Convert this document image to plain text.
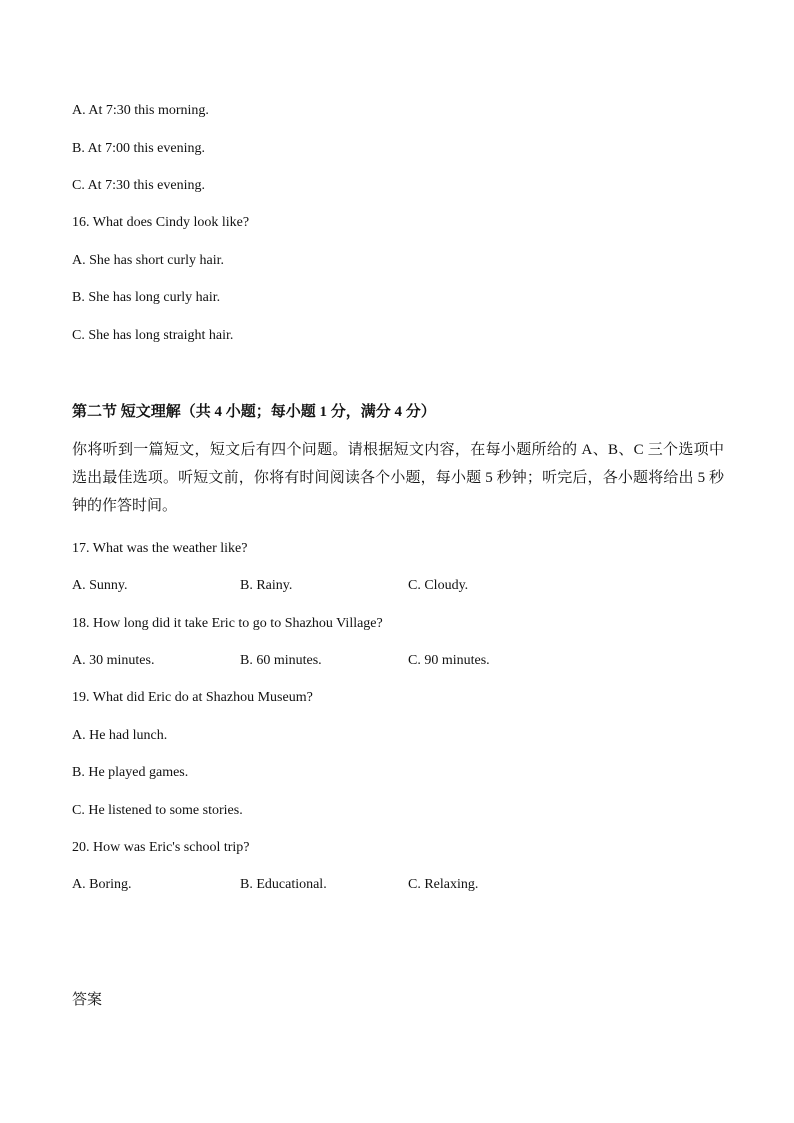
A. At 7:30 this morning.
B. At 7:00 this evening.
C. At 7:30 this evening.
16. What does Cindy look like?
A. She has short curly hair.
B. She has long curly hair.
C. She has long straight hair.
第二节 短文理解（共 4 小题；每小题 1 分，满分 4 分）
你将听到一篇短文，短文后有四个问题。请根据短文内容，在每小题所给的 A、B、C 三个选项中选出最佳选项。听短文前，你将有时间阅读各个小题，每小题 5 秒钟；听完后，各小题将给出 5 秒钟的作答时间。
17. What was the weather like?
A. Sunny.	B. Rainy.	C. Cloudy.
18. How long did it take Eric to go to Shazhou Village?
A. 30 minutes.	B. 60 minutes.	C. 90 minutes.
19. What did Eric do at Shazhou Museum?
A. He had lunch.
B. He played games.
C. He listened to some stories.
20. How was Eric's school trip?
A. Boring.	B. Educational.	C. Relaxing.
答案
